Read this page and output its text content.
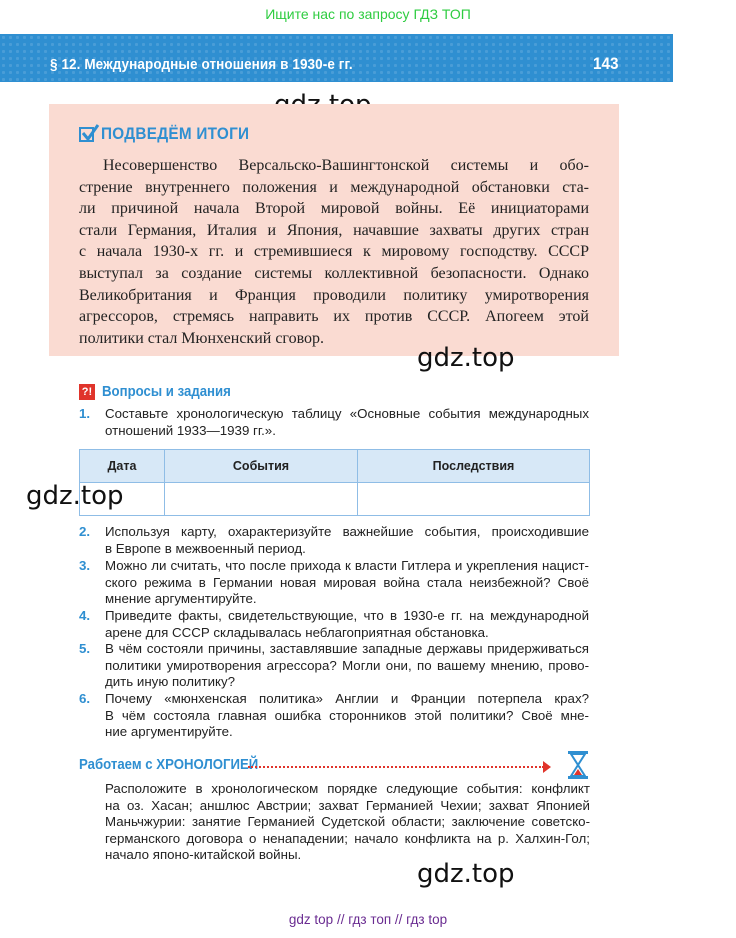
Ищите нас по запросу ГДЗ ТОП
§ 12. Международные отношения в 1930-е гг.	143
ПОДВЕДЁМ ИТОГИ
Несовершенство Версальско-Вашингтонской системы и обо-
стрение внутреннего положения и международной обстановки ста-
ли причиной начала Второй мировой войны. Её инициаторами
стали Германия, Италия и Япония, начавшие захваты других стран
с начала 1930-х гг. и стремившиеся к мировому господству. СССР
выступал за создание системы коллективной безопасности. Однако
Великобритания и Франция проводили политику умиротворения
агрессоров, стремясь направить их против СССР. Апогеем этой
политики стал Мюнхенский сговор.
gdz.top
?! Вопросы и задания
1. Составьте хронологическую таблицу «Основные события международных
отношений 1933—1939 гг.».
Дата	События	Последствия

gdz.top
2. Используя карту, охарактеризуйте важнейшие события, происходившие
в Европе в межвоенный период.
3. Можно ли считать, что после прихода к власти Гитлера и укрепления нацист-
ского режима в Германии новая мировая война стала неизбежной? Своё
мнение аргументируйте.
4. Приведите факты, свидетельствующие, что в 1930-е гг. на международной
арене для СССР складывалась неблагоприятная обстановка.
5. В чём состояли причины, заставлявшие западные державы придерживаться
политики умиротворения агрессора? Могли они, по вашему мнению, прово-
дить иную политику?
6. Почему «мюнхенская политика» Англии и Франции потерпела крах?
В чём состояла главная ошибка сторонников этой политики? Своё мне-
ние аргументируйте.
Работаем с ХРОНОЛОГИЕЙ
Расположите в хронологическом порядке следующие события: конфликт
на оз. Хасан; аншлюс Австрии; захват Германией Чехии; захват Японией
Маньчжурии: занятие Германией Судетской области; заключение советско-
германского договора о ненападении; начало конфликта на р. Халхин-Гол;
начало японо-китайской войны.
gdz.top
gdz top // гдз топ // гдз top
